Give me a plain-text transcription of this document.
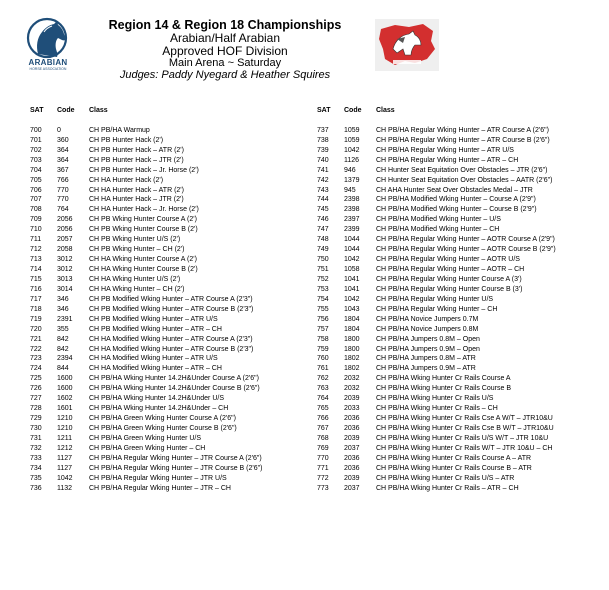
ARABIAN
HORSE ASSOCIATION
Region 14 & Region 18 Championships
Arabian/Half Arabian
Approved HOF Division
Main Arena ~ Saturday
Judges: Paddy Nyegard & Heather Squires
SAT Code Class
700 0	CH PB/HA Warmup
701 360	CH PB Hunter Hack (2')
702 364	CH PB Hunter Hack – ATR (2')
703 364	CH PB Hunter Hack – JTR (2')
704 367	CH PB Hunter Hack – Jr. Horse (2')
705 766	CH HA Hunter Hack (2')
706 770	CH HA Hunter Hack – ATR (2')
707 770	CH HA Hunter Hack – JTR (2')
708 764	CH HA Hunter Hack – Jr. Horse (2')
709 2056 CH PB Wking Hunter Course A (2')
710 2056 CH PB Wking Hunter Course B (2')
711 2057 CH PB Wking Hunter U/S (2')
712 2058 CH PB Wking Hunter – CH (2')
713 3012 CH HA Wking Hunter Course A (2')
714 3012 CH HA Wking Hunter Course B (2')
715 3013 CH HA Wking Hunter U/S (2')
716 3014 CH HA Wking Hunter – CH (2')
717 346	CH PB Modified Wking Hunter – ATR Course A (2'3")
718 346	CH PB Modified Wking Hunter – ATR Course B (2'3")
719 2391 CH PB Modified Wking Hunter – ATR U/S
720 355	CH PB Modified Wking Hunter – ATR – CH
721 842	CH HA Modified Wking Hunter – ATR Course A (2'3")
722 842	CH HA Modified Wking Hunter – ATR Course B (2'3")
723 2394 CH HA Modified Wking Hunter – ATR U/S
724 844	CH HA Modified Wking Hunter – ATR – CH
725 1600 CH PB/HA Wking Hunter 14.2H&Under Course A (2'6")
726 1600 CH PB/HA Wking Hunter 14.2H&Under Course B (2'6")
727 1602 CH PB/HA Wking Hunter 14.2H&Under U/S
728 1601 CH PB/HA Wking Hunter 14.2H&Under – CH
729 1210 CH PB/HA Green Wking Hunter Course A (2'6")
730 1210 CH PB/HA Green Wking Hunter Course B (2'6")
731 1211 CH PB/HA Green Wking Hunter U/S
732 1212 CH PB/HA Green Wking Hunter – CH
733 1127 CH PB/HA Regular Wking Hunter – JTR Course A (2'6")
734 1127 CH PB/HA Regular Wking Hunter – JTR Course B (2'6")
735 1042 CH PB/HA Regular Wking Hunter – JTR U/S
736 1132 CH PB/HA Regular Wking Hunter – JTR – CH
SAT Code Class
737 1059 CH PB/HA Regular Wking Hunter – ATR Course A (2'6")
738 1059 CH PB/HA Regular Wking Hunter – ATR Course B (2'6")
739 1042 CH PB/HA Regular Wking Hunter – ATR U/S
740 1126 CH PB/HA Regular Wking Hunter – ATR – CH
741 946	CH Hunter Seat Equitation Over Obstacles – JTR (2'6")
742 1379 CH Hunter Seat Equitation Over Obstacles – AATR (2'6")
743 945	CH AHA Hunter Seat Over Obstacles Medal – JTR
744 2398 CH PB/HA Modified Wking Hunter – Course A (2'9")
745 2398 CH PB/HA Modified Wking Hunter – Course B (2'9")
746 2397 CH PB/HA Modified Wking Hunter – U/S
747 2399 CH PB/HA Modified Wking Hunter – CH
748 1044 CH PB/HA Regular Wking Hunter – AOTR Course A (2'9")
749 1044 CH PB/HA Regular Wking Hunter – AOTR Course B (2'9")
750 1042 CH PB/HA Regular Wking Hunter – AOTR U/S
751 1058 CH PB/HA Regular Wking Hunter – AOTR – CH
752 1041 CH PB/HA Regular Wking Hunter Course A (3')
753 1041 CH PB/HA Regular Wking Hunter Course B (3')
754 1042 CH PB/HA Regular Wking Hunter U/S
755 1043 CH PB/HA Regular Wking Hunter – CH
756 1804 CH PB/HA Novice Jumpers 0.7M
757 1804 CH PB/HA Novice Jumpers 0.8M
758 1800 CH PB/HA Jumpers 0.8M – Open
759 1800 CH PB/HA Jumpers 0.9M – Open
760 1802 CH PB/HA Jumpers 0.8M – ATR
761 1802 CH PB/HA Jumpers 0.9M – ATR
762 2032 CH PB/HA Wking Hunter Cr Rails Course A
763 2032 CH PB/HA Wking Hunter Cr Rails Course B
764 2039 CH PB/HA Wking Hunter Cr Rails U/S
765 2033 CH PB/HA Wking Hunter Cr Rails – CH
766 2036 CH PB/HA Wking Hunter Cr Rails Cse A W/T – JTR10&U
767 2036 CH PB/HA Wking Hunter Cr Rails Cse B W/T – JTR10&U
768 2039 CH PB/HA Wking Hunter Cr Rails U/S W/T – JTR 10&U
769 2037 CH PB/HA Wking Hunter Cr Rails W/T – JTR 10&U – CH
770 2036 CH PB/HA Wking Hunter Cr Rails Course A – ATR
771 2036 CH PB/HA Wking Hunter Cr Rails Course B – ATR
772 2039 CH PB/HA Wking Hunter Cr Rails U/S – ATR
773 2037 CH PB/HA Wking Hunter Cr Rails – ATR – CH
